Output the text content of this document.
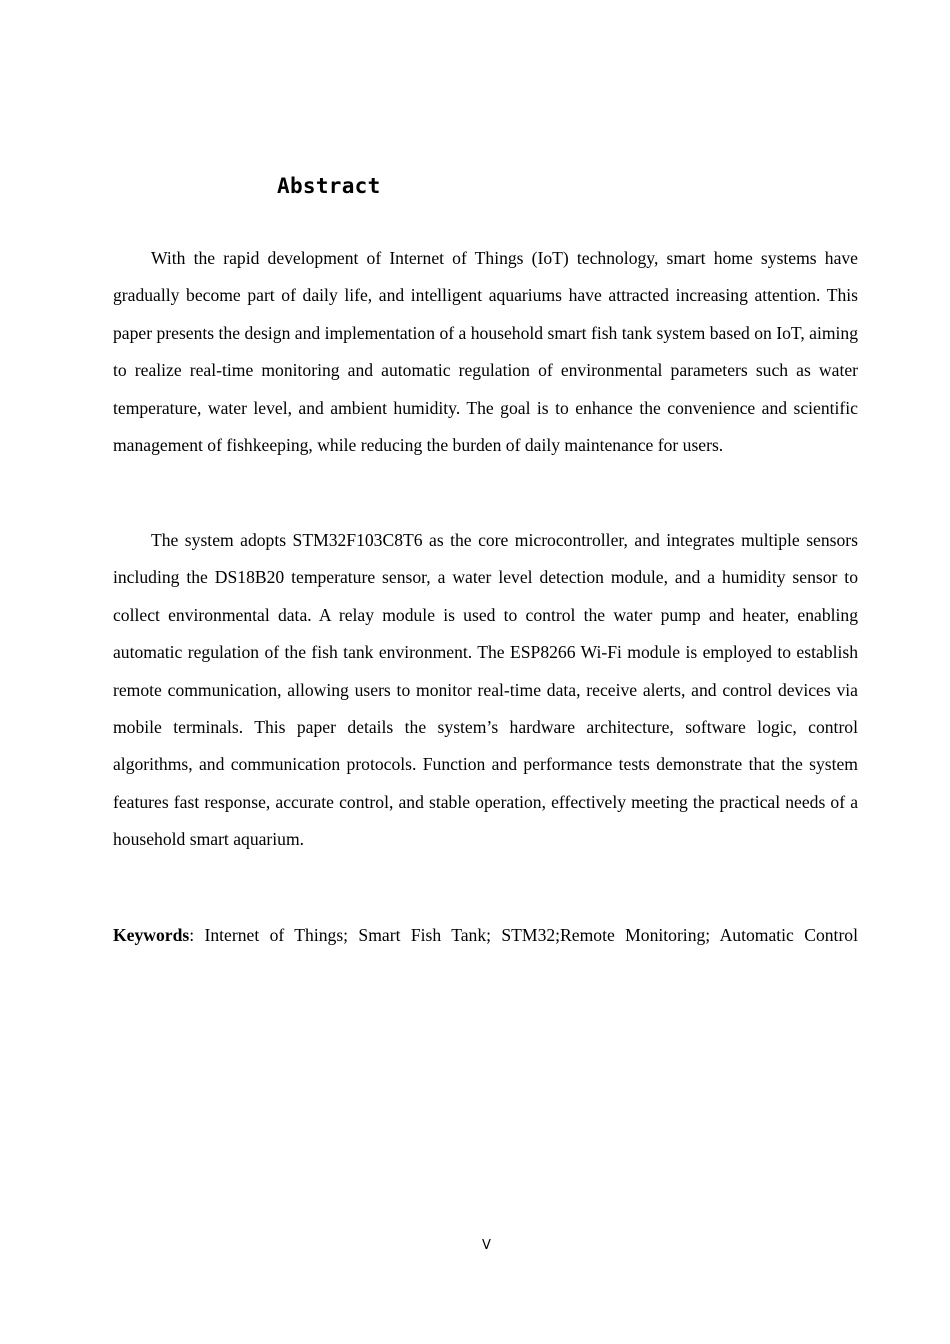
Abstract

With the rapid development of Internet of Things (IoT) technology, smart home systems have gradually become part of daily life, and intelligent aquariums have attracted increasing attention. This paper presents the design and implementation of a household smart fish tank system based on IoT, aiming to realize real-time monitoring and automatic regulation of environmental parameters such as water temperature, water level, and ambient humidity. The goal is to enhance the convenience and scientific management of fishkeeping, while reducing the burden of daily maintenance for users.

The system adopts STM32F103C8T6 as the core microcontroller, and integrates multiple sensors including the DS18B20 temperature sensor, a water level detection module, and a humidity sensor to collect environmental data. A relay module is used to control the water pump and heater, enabling automatic regulation of the fish tank environment. The ESP8266 Wi-Fi module is employed to establish remote communication, allowing users to monitor real-time data, receive alerts, and control devices via mobile terminals. This paper details the system’s hardware architecture, software logic, control algorithms, and communication protocols. Function and performance tests demonstrate that the system features fast response, accurate control, and stable operation, effectively meeting the practical needs of a household smart aquarium.

Keywords: Internet of Things; Smart Fish Tank; STM32;Remote Monitoring; Automatic Control

V
